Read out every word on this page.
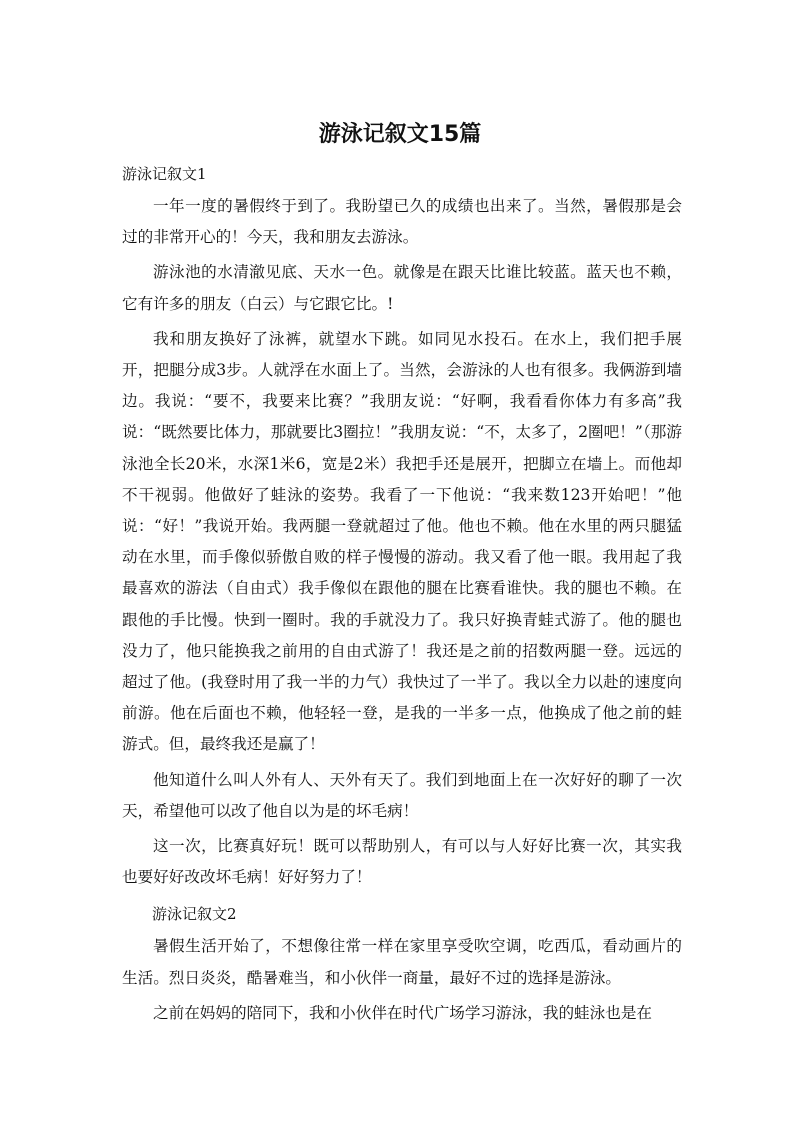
游泳记叙文15篇

游泳记叙文1

一年一度的暑假终于到了。我盼望已久的成绩也出来了。当然，暑假那是会过的非常开心的！今天，我和朋友去游泳。

游泳池的水清澈见底、天水一色。就像是在跟天比谁比较蓝。蓝天也不赖，它有许多的朋友（白云）与它跟它比。!

我和朋友换好了泳裤，就望水下跳。如同见水投石。在水上，我们把手展开，把腿分成3步。人就浮在水面上了。当然，会游泳的人也有很多。我俩游到墙边。我说：“要不，我要来比赛？”我朋友说：“好啊，我看看你体力有多高”我说：“既然要比体力，那就要比3圈拉！”我朋友说：“不，太多了，2圈吧！”（那游泳池全长20米，水深1米6，宽是2米）我把手还是展开，把脚立在墙上。而他却不干视弱。他做好了蛙泳的姿势。我看了一下他说：“我来数123开始吧！”他说：“好！”我说开始。我两腿一登就超过了他。他也不赖。他在水里的两只腿猛动在水里，而手像似骄傲自败的样子慢慢的游动。我又看了他一眼。我用起了我最喜欢的游法（自由式）我手像似在跟他的腿在比赛看谁快。我的腿也不赖。在跟他的手比慢。快到一圈时。我的手就没力了。我只好换青蛙式游了。他的腿也没力了，他只能换我之前用的自由式游了！我还是之前的招数两腿一登。远远的超过了他。(我登时用了我一半的力气）我快过了一半了。我以全力以赴的速度向前游。他在后面也不赖，他轻轻一登，是我的一半多一点，他换成了他之前的蛙游式。但，最终我还是赢了！

他知道什么叫人外有人、天外有天了。我们到地面上在一次好好的聊了一次天，希望他可以改了他自以为是的坏毛病！

这一次，比赛真好玩！既可以帮助别人，有可以与人好好比赛一次，其实我也要好好改改坏毛病！好好努力了！

游泳记叙文2

暑假生活开始了，不想像往常一样在家里享受吹空调，吃西瓜，看动画片的生活。烈日炎炎，酷暑难当，和小伙伴一商量，最好不过的选择是游泳。

之前在妈妈的陪同下，我和小伙伴在时代广场学习游泳，我的蛙泳也是在
